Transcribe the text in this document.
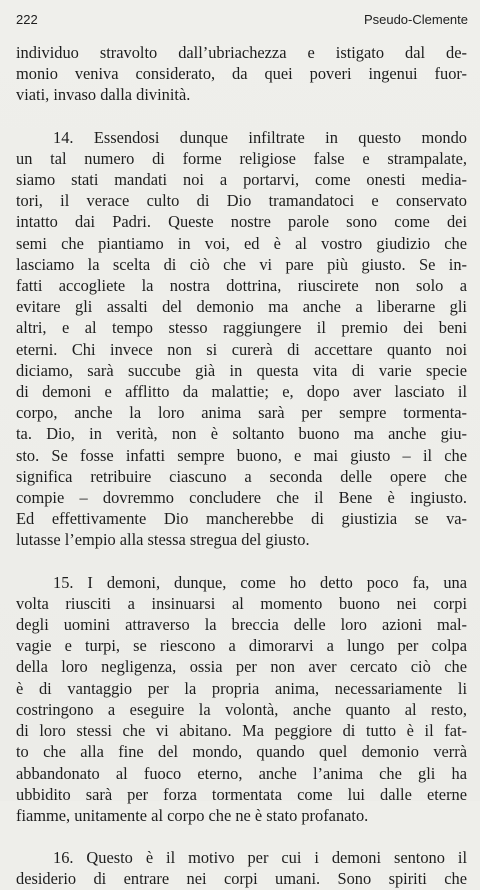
222	Pseudo-Clemente

individuo stravolto dall’ubriachezza e istigato dal de-
monio veniva considerato, da quei poveri ingenui fuor-
viati, invaso dalla divinità.

14. Essendosi dunque infiltrate in questo mondo
un tal numero di forme religiose false e strampalate,
siamo stati mandati noi a portarvi, come onesti media-
tori, il verace culto di Dio tramandatoci e conservato
intatto dai Padri. Queste nostre parole sono come dei
semi che piantiamo in voi, ed è al vostro giudizio che
lasciamo la scelta di ciò che vi pare più giusto. Se in-
fatti accogliete la nostra dottrina, riuscirete non solo a
evitare gli assalti del demonio ma anche a liberarne gli
altri, e al tempo stesso raggiungere il premio dei beni
eterni. Chi invece non si curerà di accettare quanto noi
diciamo, sarà succube già in questa vita di varie specie
di demoni e afflitto da malattie; e, dopo aver lasciato il
corpo, anche la loro anima sarà per sempre tormenta-
ta. Dio, in verità, non è soltanto buono ma anche giu-
sto. Se fosse infatti sempre buono, e mai giusto – il che
significa retribuire ciascuno a seconda delle opere che
compie – dovremmo concludere che il Bene è ingiusto.
Ed effettivamente Dio mancherebbe di giustizia se va-
lutasse l’empio alla stessa stregua del giusto.

15. I demoni, dunque, come ho detto poco fa, una
volta riusciti a insinuarsi al momento buono nei corpi
degli uomini attraverso la breccia delle loro azioni mal-
vagie e turpi, se riescono a dimorarvi a lungo per colpa
della loro negligenza, ossia per non aver cercato ciò che
è di vantaggio per la propria anima, necessariamente li
costringono a eseguire la volontà, anche quanto al resto,
di loro stessi che vi abitano. Ma peggiore di tutto è il fat-
to che alla fine del mondo, quando quel demonio verrà
abbandonato al fuoco eterno, anche l’anima che gli ha
ubbidito sarà per forza tormentata come lui dalle eterne
fiamme, unitamente al corpo che ne è stato profanato.

16. Questo è il motivo per cui i demoni sentono il
desiderio di entrare nei corpi umani. Sono spiriti che
